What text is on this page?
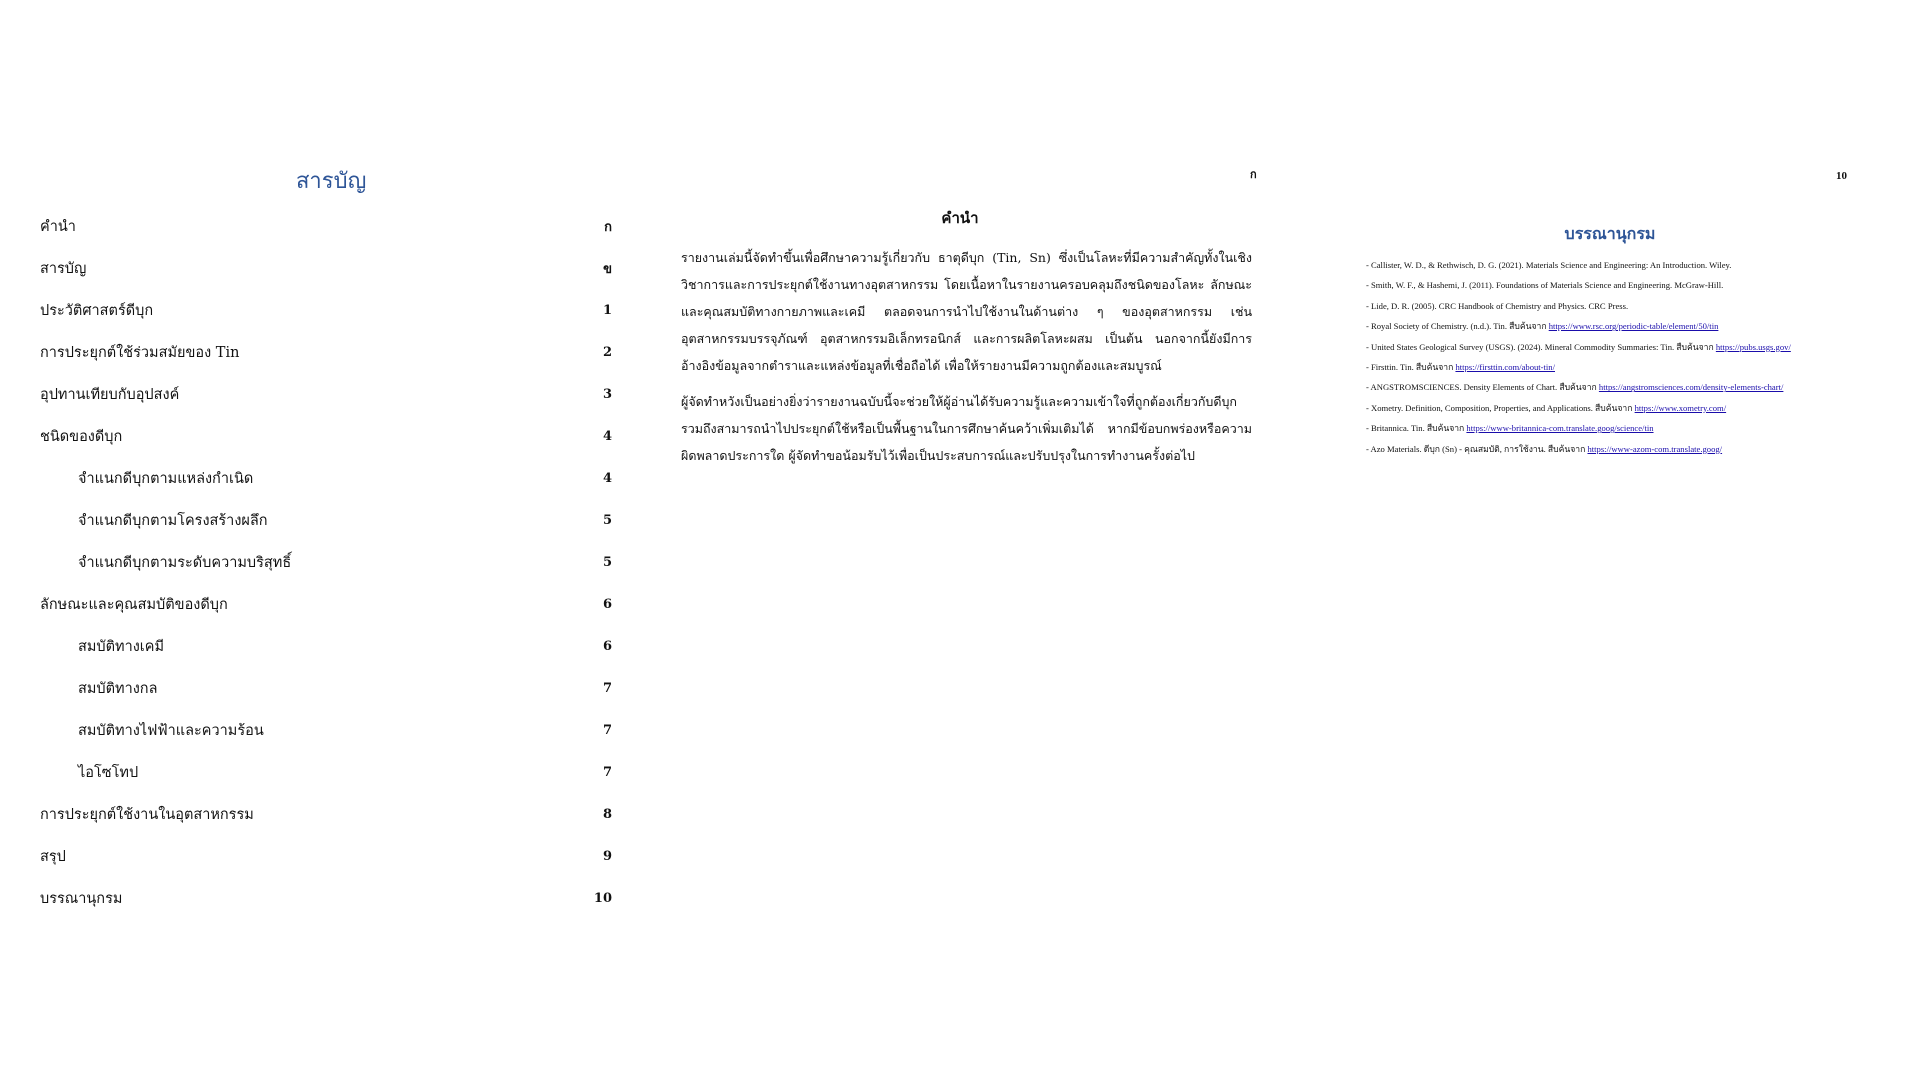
สารบัญ
คำนำ	ก
สารบัญ	ข
ประวัติศาสตร์ดีบุก	1
การประยุกต์ใช้ร่วมสมัยของ Tin	2
อุปทานเทียบกับอุปสงค์	3
ชนิดของดีบุก	4
จำแนกดีบุกตามแหล่งกำเนิด	4
จำแนกดีบุกตามโครงสร้างผลึก	5
จำแนกดีบุกตามระดับความบริสุทธิ์	5
ลักษณะและคุณสมบัติของดีบุก	6
สมบัติทางเคมี	6
สมบัติทางกล	7
สมบัติทางไฟฟ้าและความร้อน	7
ไอโซโทป	7
การประยุกต์ใช้งานในอุตสาหกรรม	8
สรุป	9
บรรณานุกรม	10
ก
คำนำ
รายงานเล่มนี้จัดทำขึ้นเพื่อศึกษาความรู้เกี่ยวกับ ธาตุดีบุก (Tin, Sn) ซึ่งเป็นโลหะที่มีความสำคัญทั้งในเชิงวิชาการและการประยุกต์ใช้งานทางอุตสาหกรรม โดยเนื้อหาในรายงานครอบคลุมถึงชนิดของโลหะ ลักษณะและคุณสมบัติทางกายภาพและเคมี ตลอดจนการนำไปใช้งานในด้านต่าง ๆ ของอุตสาหกรรม เช่น อุตสาหกรรมบรรจุภัณฑ์ อุตสาหกรรมอิเล็กทรอนิกส์ และการผลิตโลหะผสม เป็นต้น นอกจากนี้ยังมีการอ้างอิงข้อมูลจากตำราและแหล่งข้อมูลที่เชื่อถือได้ เพื่อให้รายงานมีความถูกต้องและสมบูรณ์
ผู้จัดทำหวังเป็นอย่างยิ่งว่ารายงานฉบับนี้จะช่วยให้ผู้อ่านได้รับความรู้และความเข้าใจที่ถูกต้องเกี่ยวกับดีบุก รวมถึงสามารถนำไปประยุกต์ใช้หรือเป็นพื้นฐานในการศึกษาค้นคว้าเพิ่มเติมได้ หากมีข้อบกพร่องหรือความผิดพลาดประการใด ผู้จัดทำขอน้อมรับไว้เพื่อเป็นประสบการณ์และปรับปรุงในการทำงานครั้งต่อไป
10
บรรณานุกรม
- Callister, W. D., & Rethwisch, D. G. (2021). Materials Science and Engineering: An Introduction. Wiley.
- Smith, W. F., & Hashemi, J. (2011). Foundations of Materials Science and Engineering. McGraw-Hill.
- Lide, D. R. (2005). CRC Handbook of Chemistry and Physics. CRC Press.
- Royal Society of Chemistry. (n.d.). Tin. สืบค้นจาก https://www.rsc.org/periodic-table/element/50/tin
- United States Geological Survey (USGS). (2024). Mineral Commodity Summaries: Tin. สืบค้นจาก https://pubs.usgs.gov/
- Firsttin. Tin. สืบค้นจาก https://firsttin.com/about-tin/
- ANGSTROMSCIENCES. Density Elements of Chart. สืบค้นจาก https://angstromsciences.com/density-elements-chart/
- Xometry. Definition, Composition, Properties, and Applications. สืบค้นจาก https://www.xometry.com/
- Britannica. Tin. สืบค้นจาก https://www-britannica-com.translate.goog/science/tin
- Azo Materials. ดีบุก (Sn) - คุณสมบัติ, การใช้งาน. สืบค้นจาก https://www-azom-com.translate.goog/
